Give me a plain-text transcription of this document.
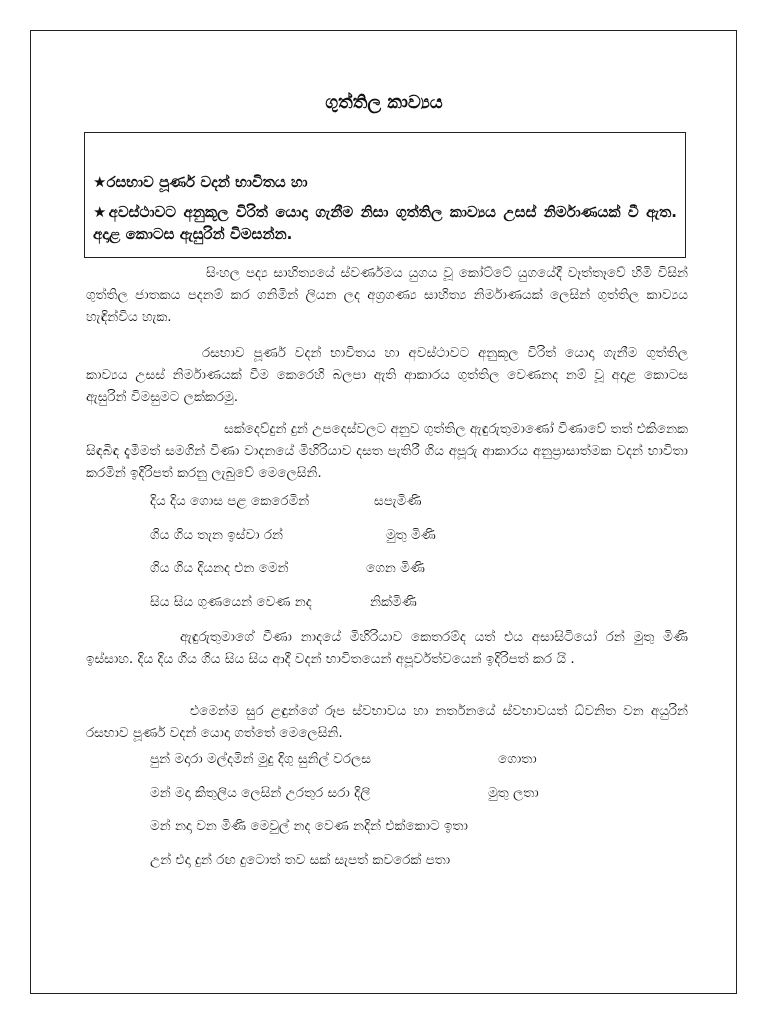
ගුත්තිල කාව්‍යය

★රසභාව පූර්ණ වදන් භාවිතය හා

★අවස්ථාවට අනුකූල විරිත් යොදා ගැනීම නිසා ගුත්තිල කාව්‍යය උසස් නිර්මාණයක් වී ඇත. අදාළ කොටස ඇසුරින් විමසන්න.

සිංහල පද්‍ය සාහිත්‍යයේ ස්වර්ණමය යුගය වූ කෝට්ටේ යුගයේදී වෑත්තෑවේ හිමි විසින් ගුත්තිල ජාතකය පදනම් කර ගනිමින් ලියන ලද අග්‍රගණ්‍ය සාහිත්‍ය නිර්මාණයක් ලෙසින් ගුත්තිල කාව්‍යය හැඳින්විය හැක.

රසභාව පූර්ණ වදන් භාවිතය හා අවස්ථාවට අනුකූල විරිත් යොදා ගැනීම ගුත්තිල කාව්‍යය උසස් නිර්මාණයක් වීම කෙරෙහි බලපා ඇති ආකාරය ගුත්තිල වෙණනද නම් වූ අදාළ කොටස ඇසුරින් විමසුමට ලක්කරමු.

සක්දෙව්දුන් දුන් උපදෙස්වලට අනුව ගුත්තිල ඇඳුරුතුමාණෝ වීණාවේ තත් එකිනෙක සිඳබිඳ දැමීමත් සමගින් වීණා වාදනයේ මිහිරියාව දසත පැතිරී ගිය අපූරු ආකාරය අනුප්‍රාසාත්මක වදන් භාවිතා කරමින් ඉදිරිපත් කරනු ලැබුවේ මෙලෙසිනි.

දිය දිය ගොස පළ කෙරෙමින්	සපැමිණි
ගිය ගිය තැන ඉස්වා රන්	මුතු මිණි
ගිය ගිය දියනද එන මෙන්	ගෙන මිණි
සිය සිය ගුණයෙන් වෙණ නද	නික්මිණි

ඇඳුරුතුමාගේ වීණා නාදයේ මිහිරියාව කෙතරම්ද යත් එය අසාසිටියෝ රන් මුතු මිණි ඉස්සාහ. දිය දිය ගිය ගිය සිය සිය ආදී වදන් භාවිතයෙන් අපූර්වත්වයෙන් ඉදිරිපත් කර යි .

එමෙන්ම සුර ළඳුන්ගේ රූප ස්වභාවය හා නර්තනයේ ස්වභාවයත් ධ්වනිත වන අයුරින් රසභාව පූර්ණ වදන් යොදා ගත්තේ මෙලෙසිනි.

පුන් මදාරා මල්දමින් මුදු දිගු සුනිල් වරලස	ගොතා
මන් මදා කිතුලිය ලෙසින් උරතුර සරා දිලි	මුතු ලතා
මන් නදා වන මිණි මෙවුල් නද වෙණ නදින් එක්කොට ඉතා
උන් එදා දුන් රඟ දුටොත් තව සක් සැපත් කවරෙක් පතා
